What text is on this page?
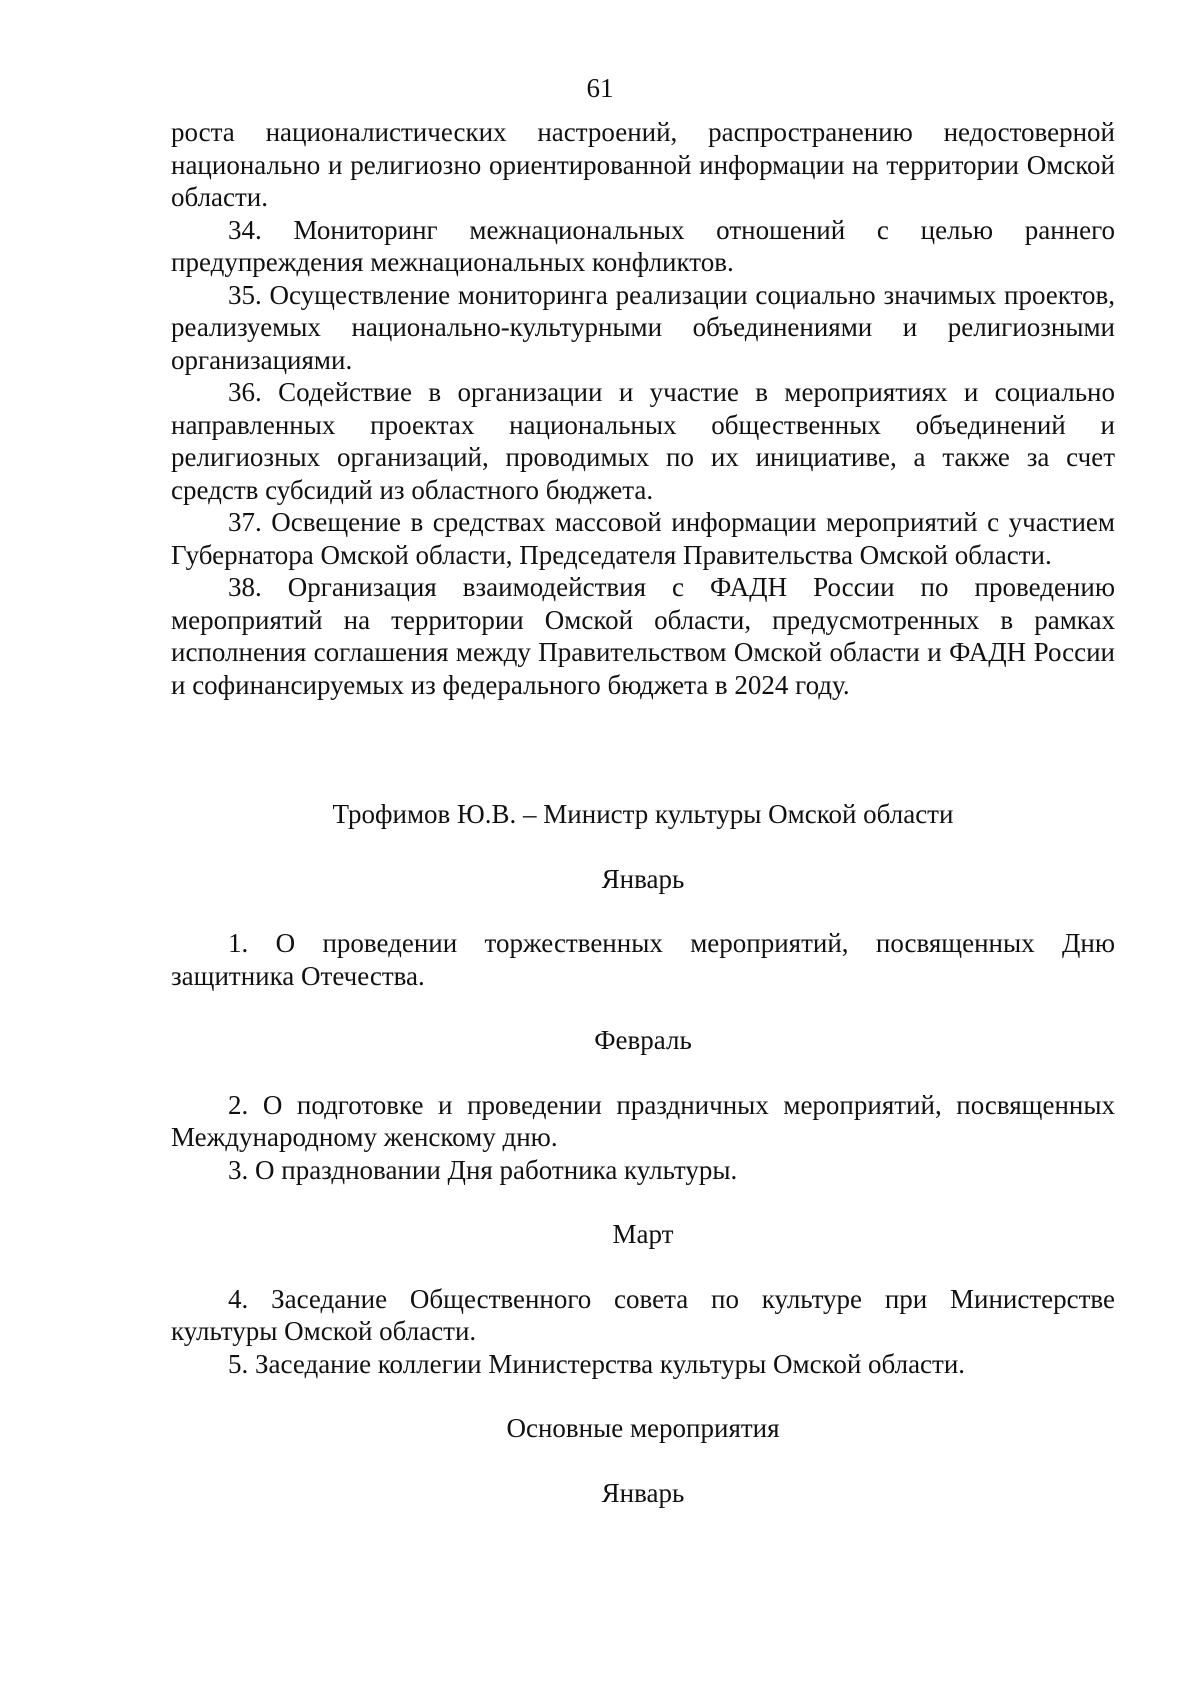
61

роста националистических настроений, распространению недостоверной национально и религиозно ориентированной информации на территории Омской области.

34. Мониторинг межнациональных отношений с целью раннего предупреждения межнациональных конфликтов.

35. Осуществление мониторинга реализации социально значимых проектов, реализуемых национально-культурными объединениями и религиозными организациями.

36. Содействие в организации и участие в мероприятиях и социально направленных проектах национальных общественных объединений и религиозных организаций, проводимых по их инициативе, а также за счет средств субсидий из областного бюджета.

37. Освещение в средствах массовой информации мероприятий с участием Губернатора Омской области, Председателя Правительства Омской области.

38. Организация взаимодействия с ФАДН России по проведению мероприятий на территории Омской области, предусмотренных в рамках исполнения соглашения между Правительством Омской области и ФАДН России и софинансируемых из федерального бюджета в 2024 году.

Трофимов Ю.В. – Министр культуры Омской области

Январь

1. О проведении торжественных мероприятий, посвященных Дню защитника Отечества.

Февраль

2. О подготовке и проведении праздничных мероприятий, посвященных Международному женскому дню.

3. О праздновании Дня работника культуры.

Март

4. Заседание Общественного совета по культуре при Министерстве культуры Омской области.

5. Заседание коллегии Министерства культуры Омской области.

Основные мероприятия

Январь
